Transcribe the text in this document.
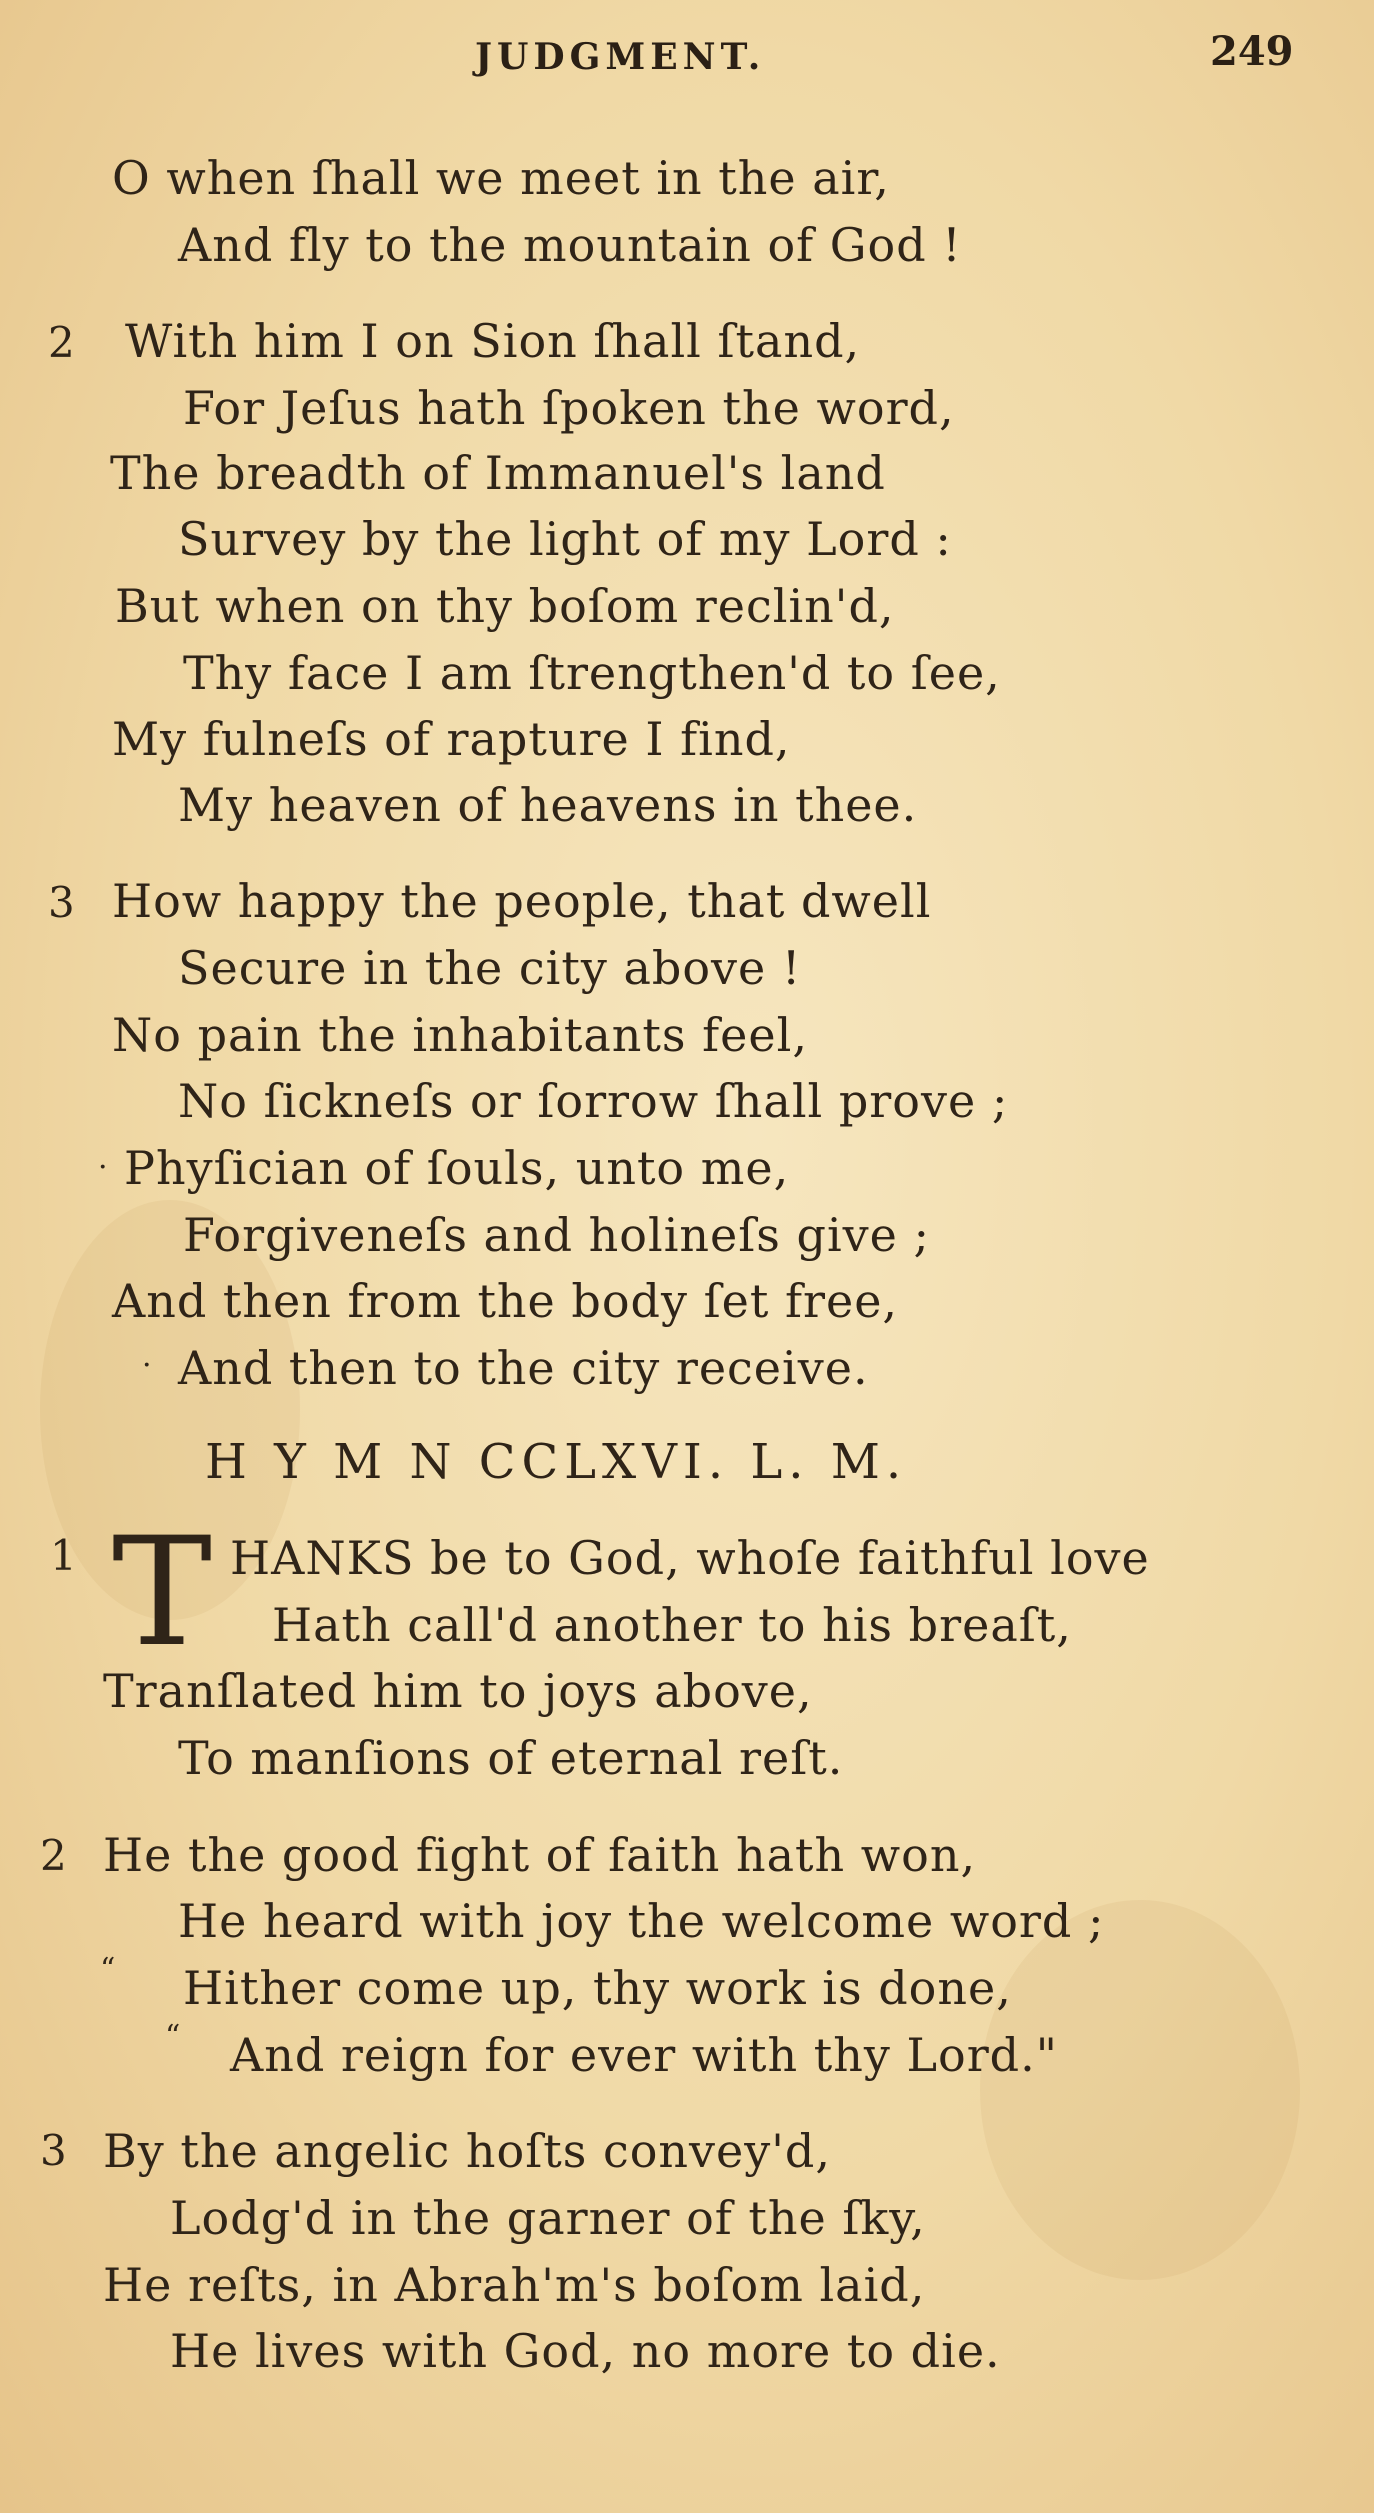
JUDGMENT.	249
O when ſhall we meet in the air,
And fly to the mountain of God !
2 With him I on Sion ſhall ſtand,
For Jeſus hath ſpoken the word,
The breadth of Immanuel's land
Survey by the light of my Lord :
But when on thy boſom reclin'd,
Thy face I am ſtrengthen'd to ſee,
My fulneſs of rapture I find,
My heaven of heavens in thee.
3 How happy the people, that dwell
Secure in the city above !
No pain the inhabitants feel,
No ſickneſs or ſorrow ſhall prove ;
Phyſician of ſouls, unto me,
Forgiveneſs and holineſs give ;
And then from the body ſet free,
And then to the city receive.
·
·
H Y M N CCLXVI. L. M.
1 T HANKS be to God, whoſe faithful love
Hath call'd another to his breaſt,
Tranſlated him to joys above,
To manſions of eternal reſt.
2 He the good fight of faith hath won,
He heard with joy the welcome word ;
“ Hither come up, thy work is done,
“ And reign for ever with thy Lord."
3 By the angelic hoſts convey'd,
Lodg'd in the garner of the ſky,
He reſts, in Abrah'm's boſom laid,
He lives with God, no more to die.
